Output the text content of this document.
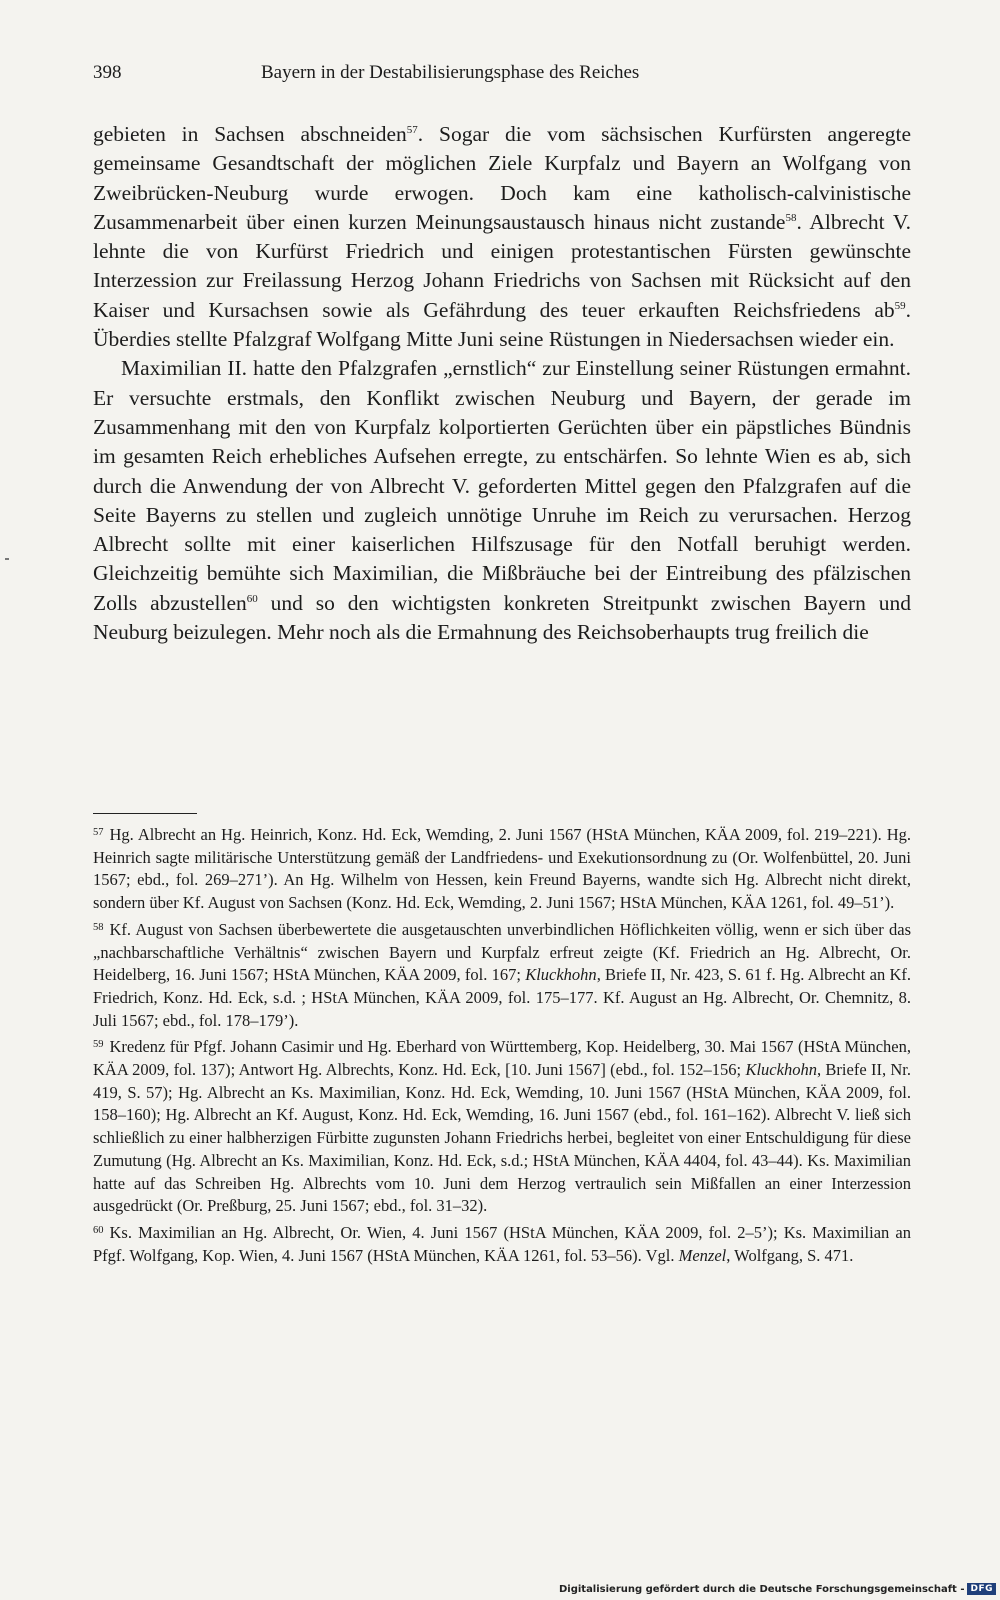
398	Bayern in der Destabilisierungsphase des Reiches

gebieten in Sachsen abschneiden$^{57}$. Sogar die vom sächsischen Kurfürsten angeregte gemeinsame Gesandtschaft der möglichen Ziele Kurpfalz und Bayern an Wolfgang von Zweibrücken-Neuburg wurde erwogen. Doch kam eine katholisch-calvinistische Zusammenarbeit über einen kurzen Meinungsaustausch hinaus nicht zustande$^{58}$. Albrecht V. lehnte die von Kurfürst Friedrich und einigen protestantischen Fürsten gewünschte Interzession zur Freilassung Herzog Johann Friedrichs von Sachsen mit Rücksicht auf den Kaiser und Kursachsen sowie als Gefährdung des teuer erkauften Reichsfriedens ab$^{59}$. Überdies stellte Pfalzgraf Wolfgang Mitte Juni seine Rüstungen in Niedersachsen wieder ein.

Maximilian II. hatte den Pfalzgrafen „ernstlich“ zur Einstellung seiner Rüstungen ermahnt. Er versuchte erstmals, den Konflikt zwischen Neuburg und Bayern, der gerade im Zusammenhang mit den von Kurpfalz kolportierten Gerüchten über ein päpstliches Bündnis im gesamten Reich erhebliches Aufsehen erregte, zu entschärfen. So lehnte Wien es ab, sich durch die Anwendung der von Albrecht V. geforderten Mittel gegen den Pfalzgrafen auf die Seite Bayerns zu stellen und zugleich unnötige Unruhe im Reich zu verursachen. Herzog Albrecht sollte mit einer kaiserlichen Hilfszusage für den Notfall beruhigt werden. Gleichzeitig bemühte sich Maximilian, die Mißbräuche bei der Eintreibung des pfälzischen Zolls abzustellen$^{60}$ und so den wichtigsten konkreten Streitpunkt zwischen Bayern und Neuburg beizulegen. Mehr noch als die Ermahnung des Reichsoberhaupts trug freilich die

$^{57}$ Hg. Albrecht an Hg. Heinrich, Konz. Hd. Eck, Wemding, 2. Juni 1567 (HStA München, KÄA 2009, fol. 219–221). Hg. Heinrich sagte militärische Unterstützung gemäß der Landfriedens- und Exekutionsordnung zu (Or. Wolfenbüttel, 20. Juni 1567; ebd., fol. 269–271’). An Hg. Wilhelm von Hessen, kein Freund Bayerns, wandte sich Hg. Albrecht nicht direkt, sondern über Kf. August von Sachsen (Konz. Hd. Eck, Wemding, 2. Juni 1567; HStA München, KÄA 1261, fol. 49–51’).

$^{58}$ Kf. August von Sachsen überbewertete die ausgetauschten unverbindlichen Höflichkeiten völlig, wenn er sich über das „nachbarschaftliche Verhältnis“ zwischen Bayern und Kurpfalz erfreut zeigte (Kf. Friedrich an Hg. Albrecht, Or. Heidelberg, 16. Juni 1567; HStA München, KÄA 2009, fol. 167; Kluckhohn, Briefe II, Nr. 423, S. 61 f. Hg. Albrecht an Kf. Friedrich, Konz. Hd. Eck, s.d. ; HStA München, KÄA 2009, fol. 175–177. Kf. August an Hg. Albrecht, Or. Chemnitz, 8. Juli 1567; ebd., fol. 178–179’).

$^{59}$ Kredenz für Pfgf. Johann Casimir und Hg. Eberhard von Württemberg, Kop. Heidelberg, 30. Mai 1567 (HStA München, KÄA 2009, fol. 137); Antwort Hg. Albrechts, Konz. Hd. Eck, [10. Juni 1567] (ebd., fol. 152–156; Kluckhohn, Briefe II, Nr. 419, S. 57); Hg. Albrecht an Ks. Maximilian, Konz. Hd. Eck, Wemding, 10. Juni 1567 (HStA München, KÄA 2009, fol. 158–160); Hg. Albrecht an Kf. August, Konz. Hd. Eck, Wemding, 16. Juni 1567 (ebd., fol. 161–162). Albrecht V. ließ sich schließlich zu einer halbherzigen Fürbitte zugunsten Johann Friedrichs herbei, begleitet von einer Entschuldigung für diese Zumutung (Hg. Albrecht an Ks. Maximilian, Konz. Hd. Eck, s.d.; HStA München, KÄA 4404, fol. 43–44). Ks. Maximilian hatte auf das Schreiben Hg. Albrechts vom 10. Juni dem Herzog vertraulich sein Mißfallen an einer Interzession ausgedrückt (Or. Preßburg, 25. Juni 1567; ebd., fol. 31–32).

$^{60}$ Ks. Maximilian an Hg. Albrecht, Or. Wien, 4. Juni 1567 (HStA München, KÄA 2009, fol. 2–5’); Ks. Maximilian an Pfgf. Wolfgang, Kop. Wien, 4. Juni 1567 (HStA München, KÄA 1261, fol. 53–56). Vgl. Menzel, Wolfgang, S. 471.

Digitalisierung gefördert durch die Deutsche Forschungsgemeinschaft - DFG
